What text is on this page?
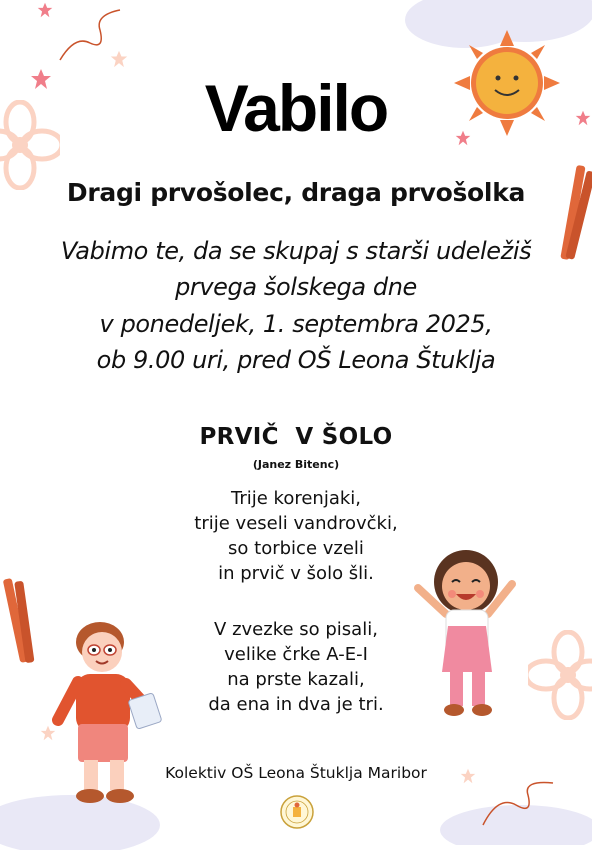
Vabilo
Dragi prvošolec, draga prvošolka
Vabimo te, da se skupaj s starši udeležiš
prvega šolskega dne
v ponedeljek, 1. septembra 2025,
ob 9.00 uri, pred OŠ Leona Štuklja
PRVIČ  V ŠOLO
(Janez Bitenc)
Trije korenjaki,
trije veseli vandrovčki,
so torbice vzeli
in prvič v šolo šli.
V zvezke so pisali,
velike črke A-E-I
na prste kazali,
da ena in dva je tri.
Kolektiv OŠ Leona Štuklja Maribor
